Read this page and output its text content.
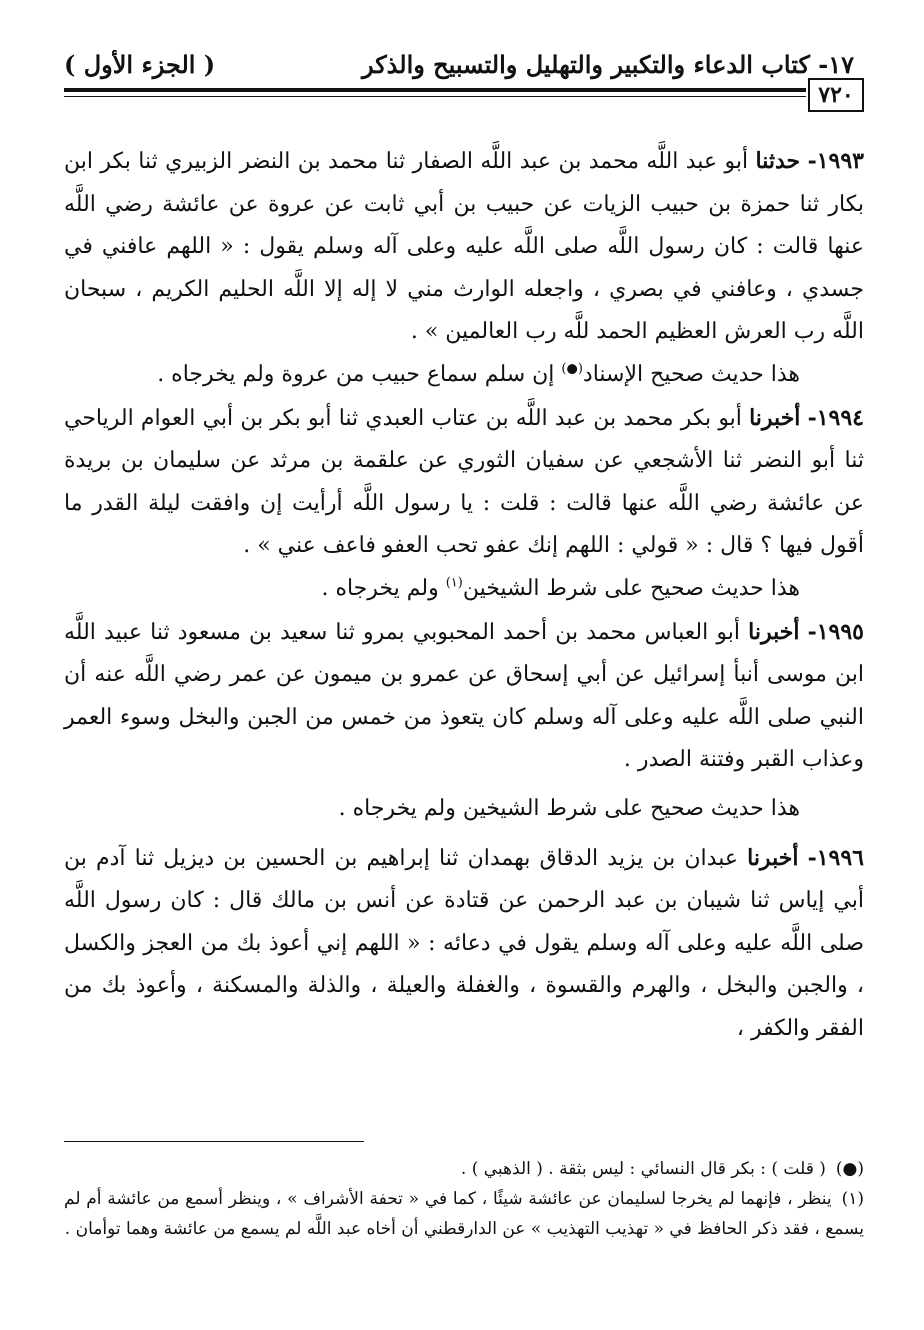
١٧- كتاب الدعاء والتكبير والتهليل والتسبيح والذكر
( الجزء الأول )
٧٢٠

١٩٩٣- حدثنا أبو عبد اللَّه محمد بن عبد اللَّه الصفار ثنا محمد بن النضر الزبيري ثنا بكر ابن بكار ثنا حمزة بن حبيب الزيات عن حبيب بن أبي ثابت عن عروة عن عائشة رضي اللَّه عنها قالت : كان رسول اللَّه صلى اللَّه عليه وعلى آله وسلم يقول : « اللهم عافني في جسدي ، وعافني في بصري ، واجعله الوارث مني لا إله إلا اللَّه الحليم الكريم ، سبحان اللَّه رب العرش العظيم الحمد للَّه رب العالمين » .

هذا حديث صحيح الإسناد(●) إن سلم سماع حبيب من عروة ولم يخرجاه .

١٩٩٤- أخبرنا أبو بكر محمد بن عبد اللَّه بن عتاب العبدي ثنا أبو بكر بن أبي العوام الرياحي ثنا أبو النضر ثنا الأشجعي عن سفيان الثوري عن علقمة بن مرثد عن سليمان بن بريدة عن عائشة رضي اللَّه عنها قالت : قلت : يا رسول اللَّه أرأيت إن وافقت ليلة القدر ما أقول فيها ؟ قال : « قولي : اللهم إنك عفو تحب العفو فاعف عني » .

هذا حديث صحيح على شرط الشيخين$^{(١)}$ ولم يخرجاه .

١٩٩٥- أخبرنا أبو العباس محمد بن أحمد المحبوبي بمرو ثنا سعيد بن مسعود ثنا عبيد اللَّه ابن موسى أنبأ إسرائيل عن أبي إسحاق عن عمرو بن ميمون عن عمر رضي اللَّه عنه أن النبي صلى اللَّه عليه وعلى آله وسلم كان يتعوذ من خمس من الجبن والبخل وسوء العمر وعذاب القبر وفتنة الصدر .

هذا حديث صحيح على شرط الشيخين ولم يخرجاه .

١٩٩٦- أخبرنا عبدان بن يزيد الدقاق بهمدان ثنا إبراهيم بن الحسين بن ديزيل ثنا آدم بن أبي إياس ثنا شيبان بن عبد الرحمن عن قتادة عن أنس بن مالك قال : كان رسول اللَّه صلى اللَّه عليه وعلى آله وسلم يقول في دعائه : « اللهم إني أعوذ بك من العجز والكسل ، والجبن والبخل ، والهرم والقسوة ، والغفلة والعيلة ، والذلة والمسكنة ، وأعوذ بك من الفقر والكفر ،

(●)( قلت ) : بكر قال النسائي : ليس بثقة . ( الذهبي ) .

(١)ينظر ، فإنهما لم يخرجا لسليمان عن عائشة شيئًا ، كما في « تحفة الأشراف » ، وينظر أسمع من عائشة أم لم يسمع ، فقد ذكر الحافظ في « تهذيب التهذيب » عن الدارقطني أن أخاه عبد اللَّه لم يسمع من عائشة وهما توأمان .
